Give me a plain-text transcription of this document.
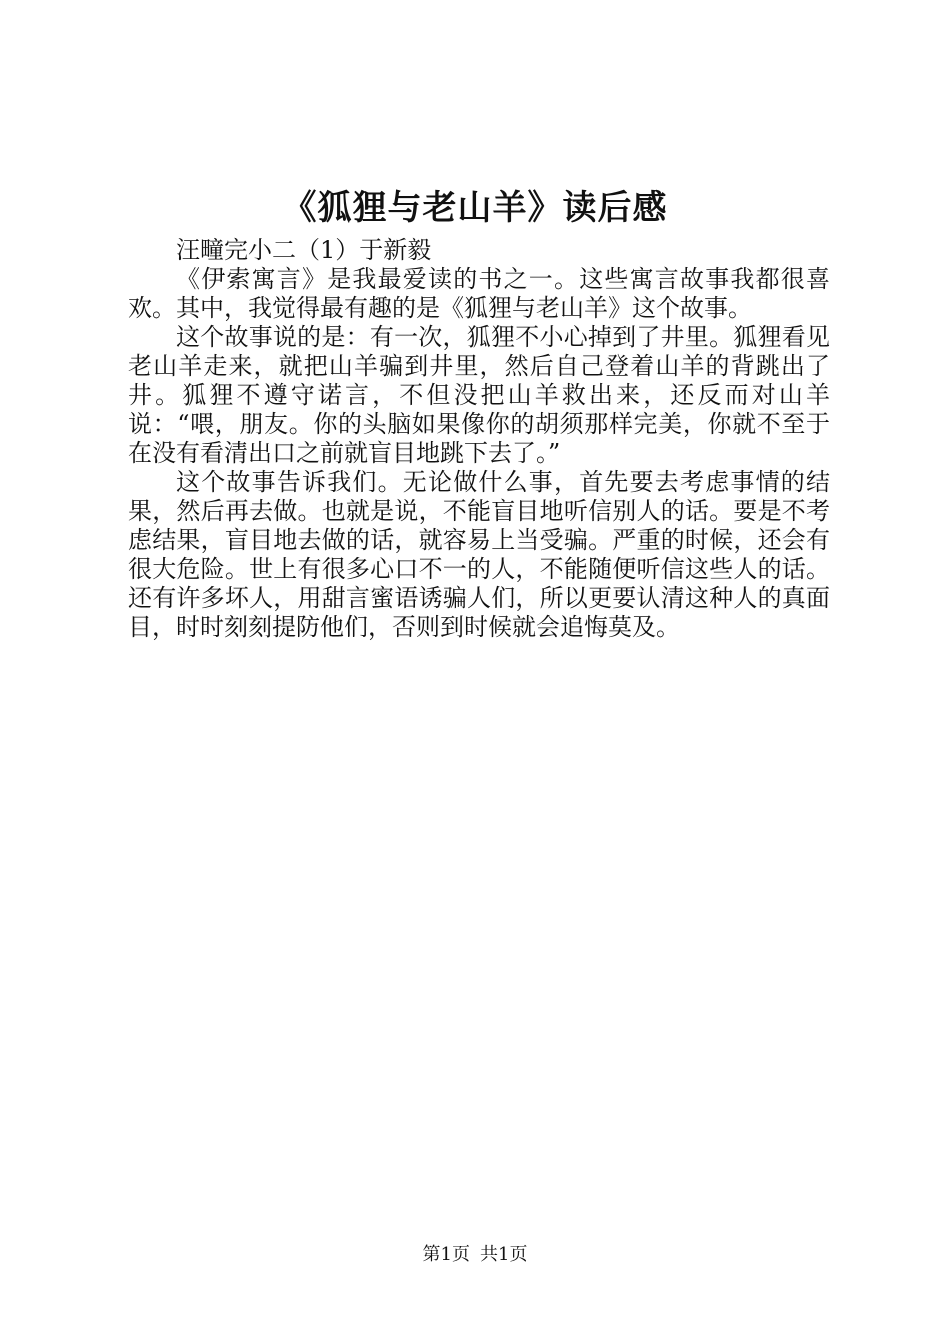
《狐狸与老山羊》读后感

汪疃完小二（1）于新毅

《伊索寓言》是我最爱读的书之一。这些寓言故事我都很喜欢。其中，我觉得最有趣的是《狐狸与老山羊》这个故事。

这个故事说的是：有一次，狐狸不小心掉到了井里。狐狸看见老山羊走来，就把山羊骗到井里，然后自己登着山羊的背跳出了井。狐狸不遵守诺言，不但没把山羊救出来，还反而对山羊说：“喂，朋友。你的头脑如果像你的胡须那样完美，你就不至于在没有看清出口之前就盲目地跳下去了。”

这个故事告诉我们。无论做什么事，首先要去考虑事情的结果，然后再去做。也就是说，不能盲目地听信别人的话。要是不考虑结果，盲目地去做的话，就容易上当受骗。严重的时候，还会有很大危险。世上有很多心口不一的人，不能随便听信这些人的话。还有许多坏人，用甜言蜜语诱骗人们，所以更要认清这种人的真面目，时时刻刻提防他们，否则到时候就会追悔莫及。

第1页 共1页
